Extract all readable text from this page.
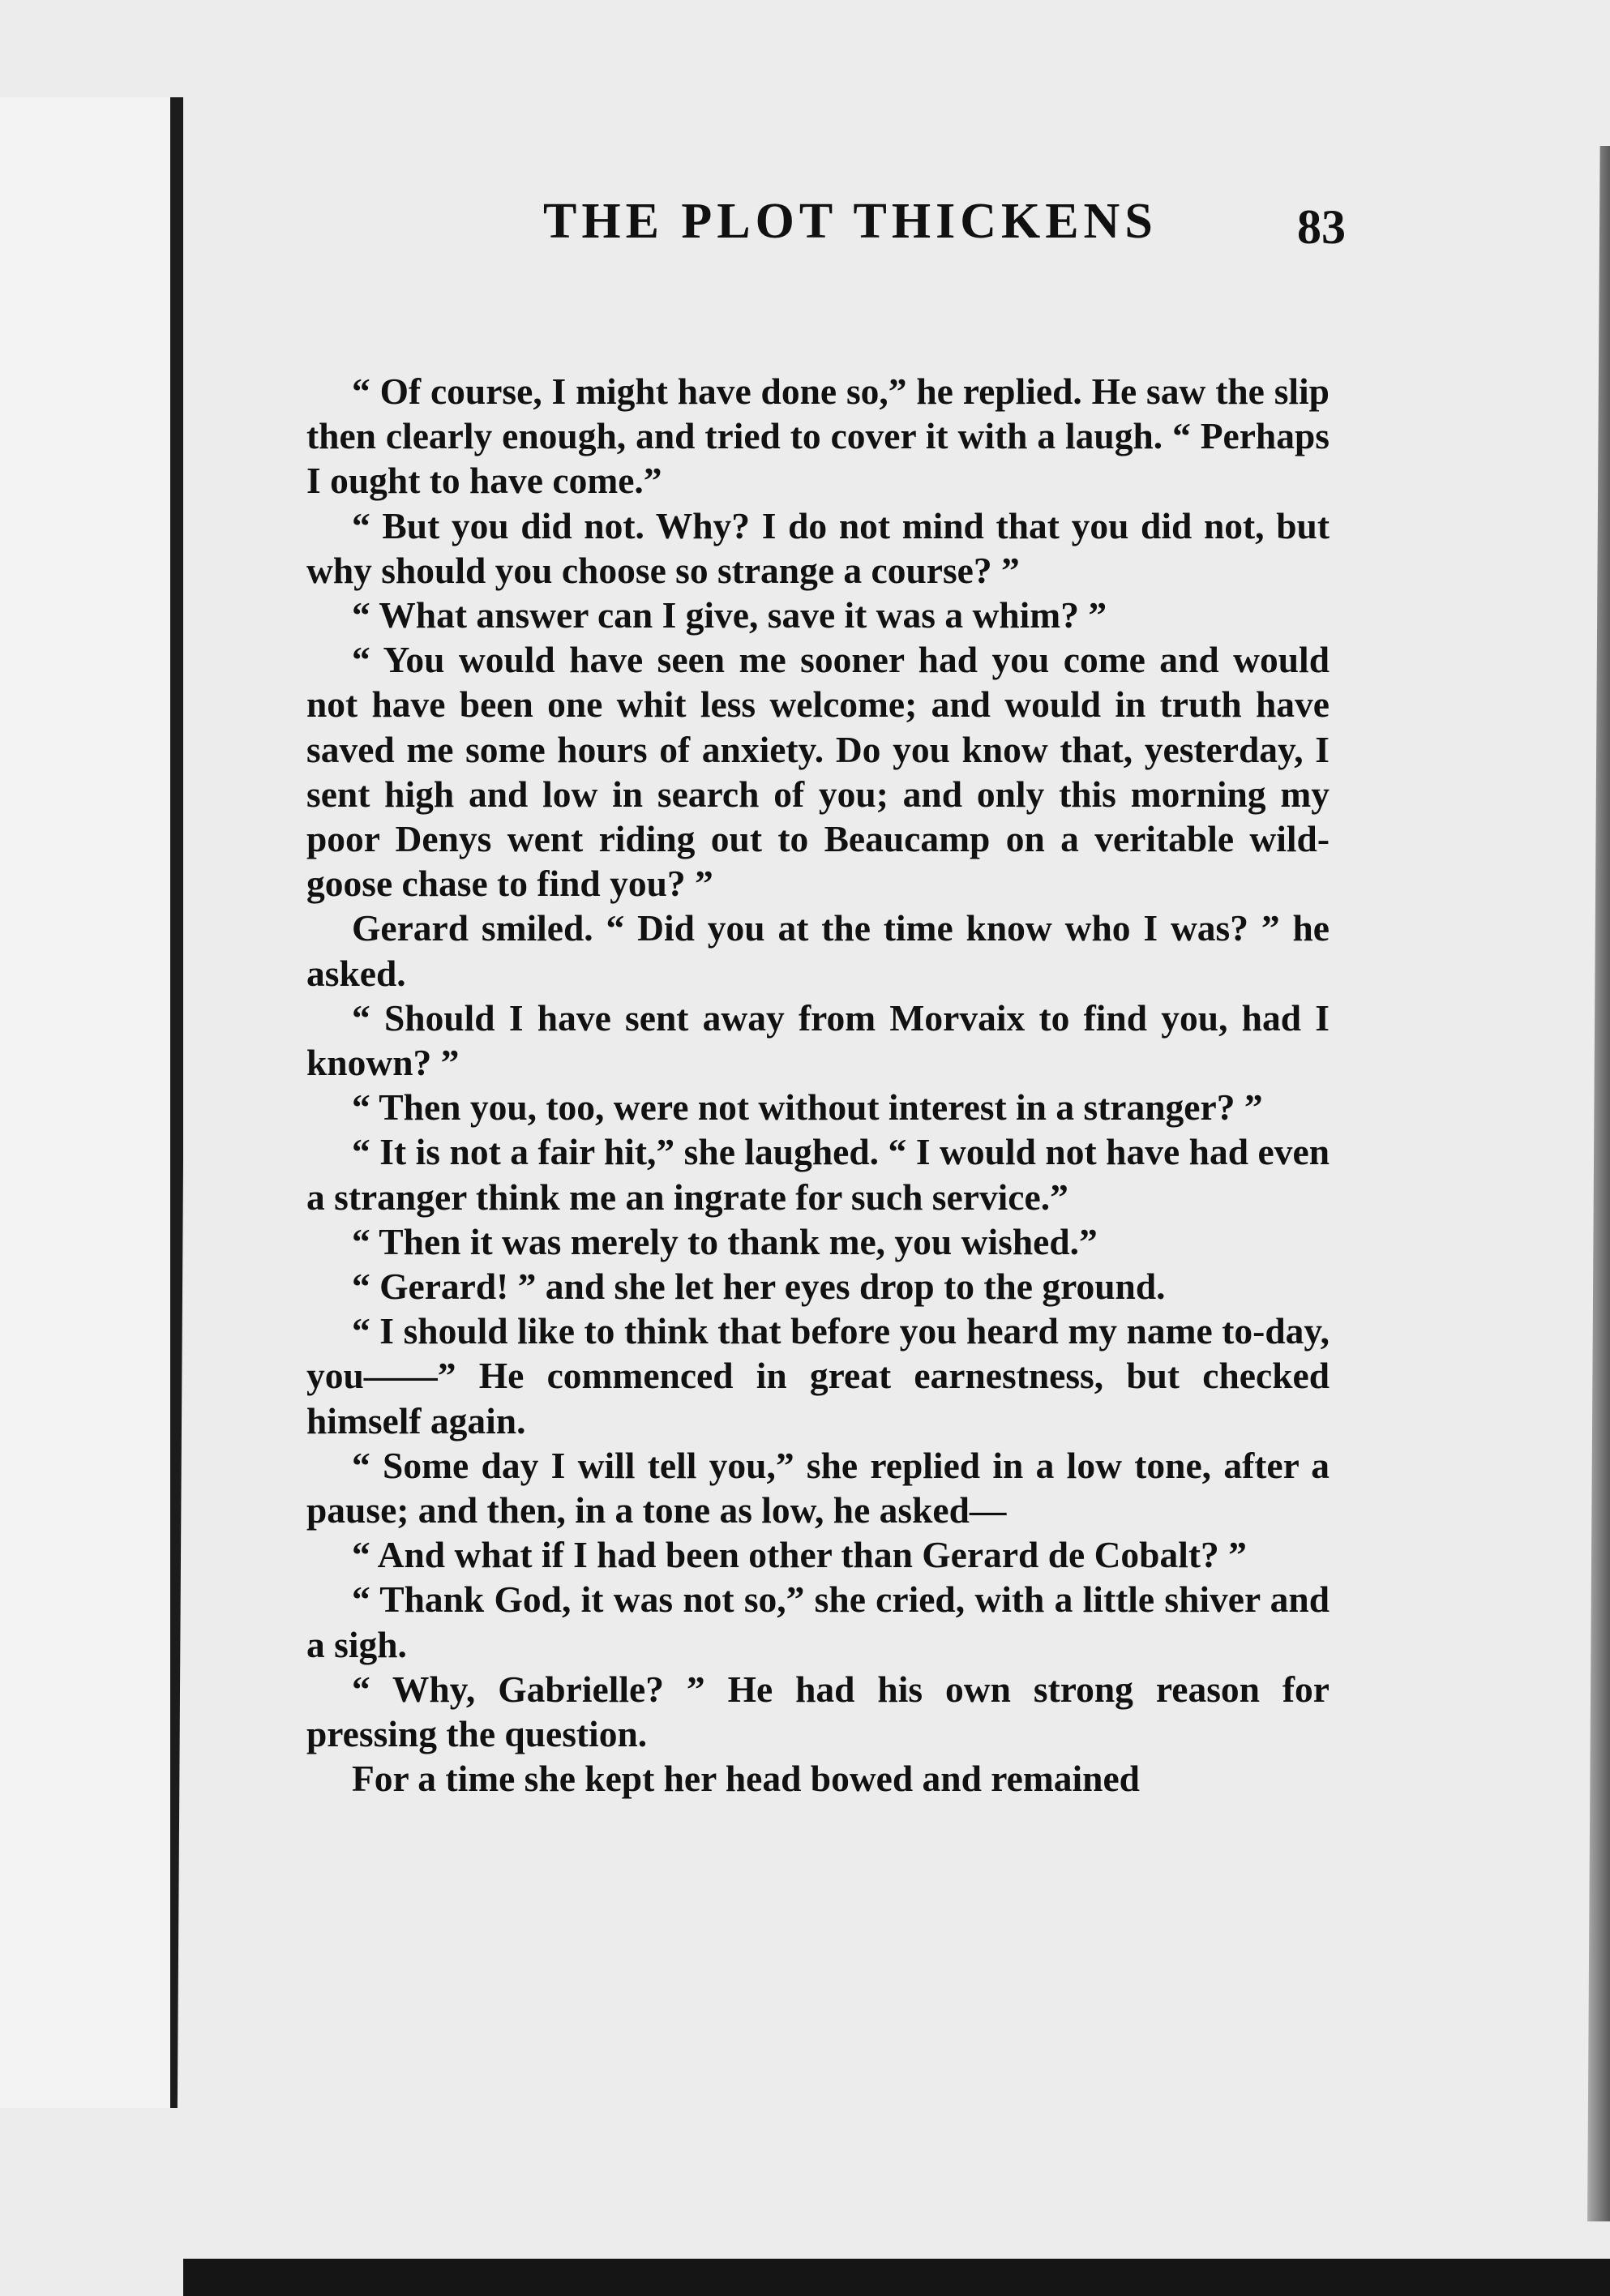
THE PLOT THICKENS	83

“ Of course, I might have done so,” he replied. He saw the slip then clearly enough, and tried to cover it with a laugh. “ Perhaps I ought to have come.”

“ But you did not. Why? I do not mind that you did not, but why should you choose so strange a course? ”

“ What answer can I give, save it was a whim? ”

“ You would have seen me sooner had you come and would not have been one whit less welcome; and would in truth have saved me some hours of anxiety. Do you know that, yesterday, I sent high and low in search of you; and only this morning my poor Denys went riding out to Beaucamp on a veritable wild-goose chase to find you? ”

Gerard smiled. “ Did you at the time know who I was? ” he asked.

“ Should I have sent away from Morvaix to find you, had I known? ”

“ Then you, too, were not without interest in a stranger? ”

“ It is not a fair hit,” she laughed. “ I would not have had even a stranger think me an ingrate for such service.”

“ Then it was merely to thank me, you wished.”

“ Gerard! ” and she let her eyes drop to the ground.

“ I should like to think that before you heard my name to-day, you——” He commenced in great earnestness, but checked himself again.

“ Some day I will tell you,” she replied in a low tone, after a pause; and then, in a tone as low, he asked—

“ And what if I had been other than Gerard de Cobalt? ”

“ Thank God, it was not so,” she cried, with a little shiver and a sigh.

“ Why, Gabrielle? ” He had his own strong reason for pressing the question.

For a time she kept her head bowed and remained
